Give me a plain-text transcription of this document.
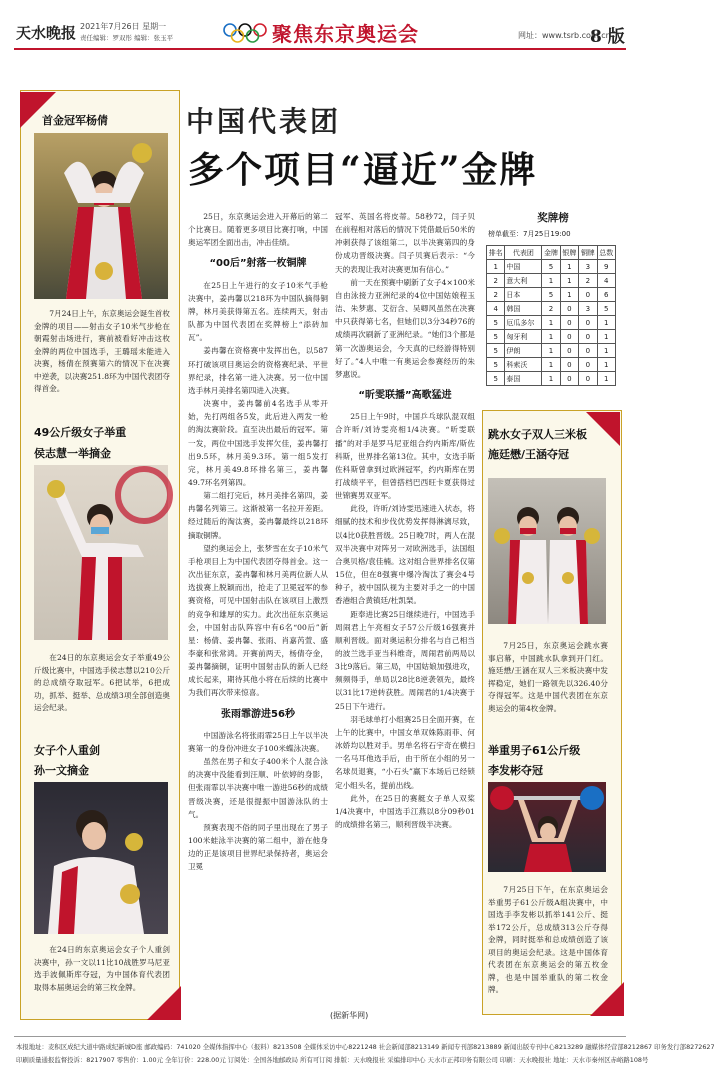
天水晚报 2021年7月26日 星期一
责任编辑：罗双彤 编辑：张玉平	聚焦东京奥运会	网址：www.tsrb.com.cn
8 版
首金冠军杨倩
7月24日上午，东京奥运会诞生首枚金牌的项目——射击女子10米气步枪在朝霞射击场进行，赛前被看好冲击这枚金牌的两位中国选手，王璐瑶未能进入决赛，杨倩在预赛第六的情况下在决赛中逆袭，以决赛251.8环为中国代表团夺得首金。
49公斤级女子举重
侯志慧一举摘金
在24日的东京奥运会女子举重49公斤级比赛中，中国选手侯志慧以210公斤的总成绩夺取冠军。6把试举，6把成功，抓举、挺举、总成绩3项全部创造奥运会纪录。
女子个人重剑
孙一文摘金
在24日的东京奥运会女子个人重剑决赛中，孙一文以11比10战胜罗马尼亚选手波佩斯库夺冠，为中国体育代表团取得本届奥运会的第三枚金牌。
中国代表团
多个项目“逼近”金牌

25日，东京奥运会进入开幕后的第二个比赛日。随着更多项目比赛打响，中国奥运军团全面出击，冲击佳绩。

“00后”射落一枚铜牌

在25日上午进行的女子10米气手枪决赛中，姜冉馨以218环为中国队摘得铜牌，林月美获得第五名。连续两天，射击队都为中国代表团在奖牌榜上“添砖加瓦”。

姜冉馨在资格赛中发挥出色，以587环打破该项目奥运会的资格赛纪录、平世界纪录，排名第一进入决赛。另一位中国选手林月美排名第四进入决赛。

决赛中，姜冉馨前4名选手从零开始，先打两组各5发，此后进入两发一枪的淘汰赛阶段。直至决出最后的冠军。第一发，两位中国选手发挥欠佳，姜冉馨打出9.5环，林月美9.3环。第一组5发打完，林月美49.8环排名第三，姜冉馨49.7环名列第四。

第二组打完后，林月美排名第四，姜冉馨名列第三。这渐被第一名拉开差距。经过随后的淘汰赛，姜冉馨最终以218环摘取铜牌。

望约奥运会上，张梦雪在女子10米气手枪项目上为中国代表团夺得首金。这一次出征东京，姜冉馨和林月美两位新人从选拔赛上脱颖而出，抢走了卫冕冠军的参赛资格，可见中国射击队在该项目上激烈的竞争和雄厚的实力。此次出征东京奥运会，中国射击队阵容中有6名“00后”新星：杨倩、姜冉馨、张雨、肖嘉芮萱、盛李豪和张常鸿。开赛前两天，杨倩夺金，姜冉馨摘铜，证明中国射击队的新人已经成长起来，期待其他小将在后续的比赛中为我们再次带来惊喜。

张雨霏游进56秒

中国游泳名将张雨霏25日上午以半决赛第一的身份冲进女子100米蝶泳决赛。

虽然在男子和女子400米个人混合泳的决赛中没能看到汪顺、叶依婷的身影，但张雨霏以半决赛中唯一游进56秒的成绩晋级决赛，还是很提振中国游泳队的士气。

预赛表现不俗的同子里出现在了男子100米蛙泳半决赛的第二组中，游在他身边的正是该项目世界纪录保持者，奥运会卫冕

冠军、英国名将皮蒂。58秒72，闫子贝在前程相对落后的情况下凭借最后50米的冲刺获得了该组第二，以半决赛第四的身份成功晋级决赛。闫子贝赛后表示：“今天的表现让我对决赛更加有信心。”

前一天在预赛中刷新了女子4×100米自由泳接力亚洲纪录的4位中国姑娘程玉洁、朱梦惠、艾衍含、吴卿风虽然在决赛中只获得第七名，但她们以3分34秒76的成绩再次刷新了亚洲纪录。“她们3个都是第一次游奥运会，今天真的已经游得特别好了。”4人中唯一有奥运会参赛经历的朱梦惠说。

“昕雯联播”高歌猛进

25日上午9时，中国乒乓球队混双组合许昕/刘诗雯亮相1/4决赛。“昕雯联播”的对手是罗马尼亚组合约内斯库/斯佐科斯，世界排名第13位。其中，女选手斯佐科斯曾拿到过欧洲冠军，约内斯库在男打战绩平平，但曾搭档巴西旺卡夏获得过世锦赛男双亚军。

此役，许昕/刘诗雯迅速进入状态，将细腻的技术和步伐优势发挥得淋漓尽致，以4比0获胜晋级。25日晚7时，两人在混双半决赛中对阵另一对欧洲选手，法国组合奥贝格/袁佳楠。这对组合世界排名仅第15位，但在8强赛中爆冷淘汰了赛会4号种子，被中国队视为主要对手之一的中国香港组合黄镇廷/杜凯琹。

距奉进比赛25日继续进行，中国选手周闹君上午亮相女子57公斤级16强赛并顺利晋级。面对奥运积分排名与自己相当的波兰选手亚当科维奇，周闹君前两局以3比9落后。第三局，中国姑娘加强进攻，频频得手，单局以28比8逆袭领先，最终以31比17逆转获胜。周闹君的1/4决赛于25日下午进行。

羽毛球单打小组赛25日全面开赛，在上午的比赛中，中国女单双姝陈雨菲、何冰娇均以胜对手。男单名将石宇奇在横扫一名马耳他选手后，由于所在小组的另一名球员退赛，“小石头”赢下本场后已经锁定小组头名，提前出线。

此外，在25日的赛艇女子单人双桨1/4决赛中，中国选手江燕以8分09秒01的成绩排名第三，顺利晋级半决赛。

(据新华网)
奖牌榜
榜单截至：7月25日19:00
排名	代表团	金牌	银牌	铜牌	总数
1	中国	5	1	3	9
2	意大利	1	1	2	4
2	日本	5	1	0	6
4	韩国	2	0	3	5
5	厄瓜多尔	1	0	0	1
5	匈牙利	1	0	0	1
5	伊朗	1	0	0	1
5	科索沃	1	0	0	1
5	泰国	1	0	0	1
跳水女子双人三米板
施廷懋/王涵夺冠
7月25日，东京奥运会跳水赛事启幕，中国跳水队拿到开门红。施廷懋/王涵在双人三米板决赛中发挥稳定，她们一路领先以326.40分夺得冠军。这是中国代表团在东京奥运会的第4枚金牌。
举重男子61公斤级
李发彬夺冠
7月25日下午，在东京奥运会举重男子61公斤级A组决赛中，中国选手李发彬以抓举141公斤、挺举172公斤，总成绩313公斤夺得金牌，同时挺举和总成绩创造了该项目的奥运会纪录。这是中国体育代表团在东京奥运会的第五枚金牌，也是中国举重队的第二枚金牌。
本报地址：麦积区成纪大道中路成纪新城D座 邮政编码：741020 全媒体指挥中心（报料）8213508 全媒体采访中心8221248 社会新闻部8213149 新闻专刊部8213889 新闻出版专刊中心8213289 融媒体经营部8212867 印务发行部8272627
印刷质量通报监督投诉：8217907 零售价：1.00元 全年订价：228.00元 订阅处：全国各地邮政局 所有可订阅 排版：天水晚报社 采编排印中心 天水市正邦印务有限公司 印刷：天水晚报社 地址：天水市秦州区赤峪路108号
